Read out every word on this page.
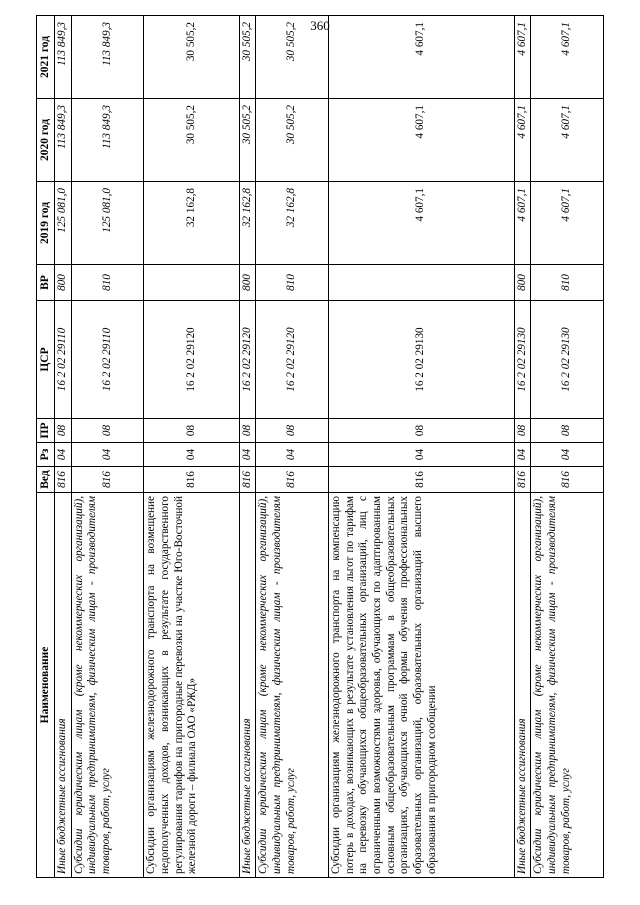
360
Наименование	Вед	Рз	ПР	ЦСР	ВР	2019 год	2020 год	2021 год
Иные бюджетные ассигнования	816	04	08	16 2 02 29110	800	125 081,0	113 849,3	113 849,3
Субсидии юридическим лицам (кроме некоммерческих организаций), индивидуальным предпринимателям, физическим лицам - производителям товаров, работ, услуг	816	04	08	16 2 02 29110	810	125 081,0	113 849,3	113 849,3
Субсидии организациям железнодорожного транспорта на возмещение недополученных доходов, возникающих в результате государственного регулирования тарифов на пригородные перевозки на участке Юго-Восточной железной дороги – филиала ОАО «РЖД»	816	04	08	16 2 02 29120		32 162,8	30 505,2	30 505,2
Иные бюджетные ассигнования	816	04	08	16 2 02 29120	800	32 162,8	30 505,2	30 505,2
Субсидии юридическим лицам (кроме некоммерческих организаций), индивидуальным предпринимателям, физическим лицам - производителям товаров, работ, услуг	816	04	08	16 2 02 29120	810	32 162,8	30 505,2	30 505,2
Субсидии организациям железнодорожного транспорта на компенсацию потерь в доходах, возникающих в результате установления льгот по тарифам на перевозку обучающихся общеобразовательных организаций, лиц с ограниченными возможностями здоровья, обучающихся по адаптированным основным общеобразовательным программам в общеобразовательных организациях, обучающихся очной формы обучения профессиональных образовательных организаций, образовательных организаций высшего образования в пригородном сообщении	816	04	08	16 2 02 29130		4 607,1	4 607,1	4 607,1
Иные бюджетные ассигнования	816	04	08	16 2 02 29130	800	4 607,1	4 607,1	4 607,1
Субсидии юридическим лицам (кроме некоммерческих организаций), индивидуальным предпринимателям, физическим лицам - производителям товаров, работ, услуг	816	04	08	16 2 02 29130	810	4 607,1	4 607,1	4 607,1
